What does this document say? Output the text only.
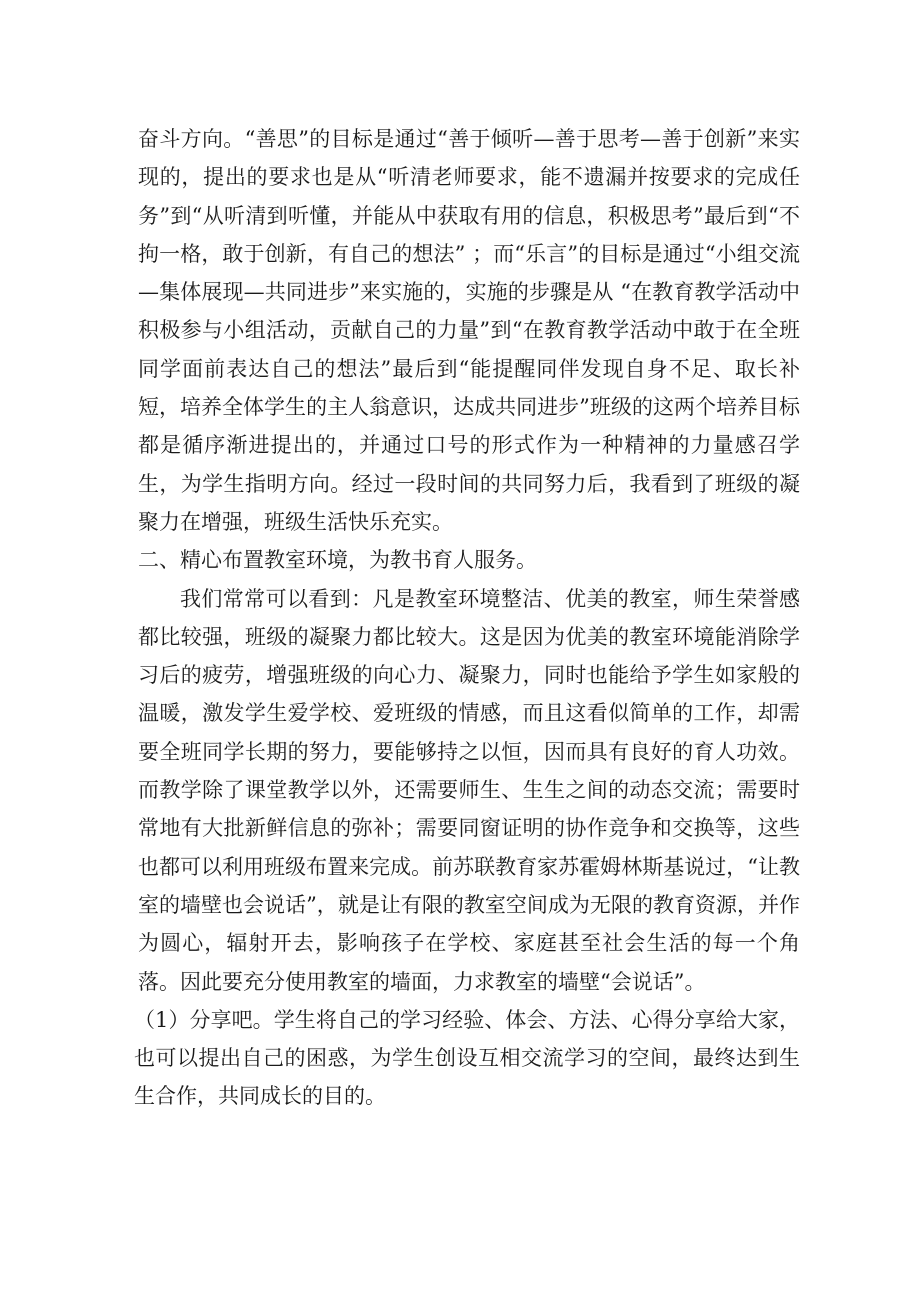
奋斗方向。“善思”的目标是通过“善于倾听—善于思考—善于创新”来实现的，提出的要求也是从“听清老师要求，能不遗漏并按要求的完成任务”到“从听清到听懂，并能从中获取有用的信息，积极思考”最后到“不拘一格，敢于创新，有自己的想法” ；而“乐言”的目标是通过“小组交流—集体展现—共同进步”来实施的，实施的步骤是从 “在教育教学活动中积极参与小组活动，贡献自己的力量”到“在教育教学活动中敢于在全班同学面前表达自己的想法”最后到“能提醒同伴发现自身不足、取长补短，培养全体学生的主人翁意识，达成共同进步”班级的这两个培养目标都是循序渐进提出的，并通过口号的形式作为一种精神的力量感召学生，为学生指明方向。经过一段时间的共同努力后，我看到了班级的凝聚力在增强，班级生活快乐充实。

二、精心布置教室环境，为教书育人服务。

我们常常可以看到：凡是教室环境整洁、优美的教室，师生荣誉感都比较强，班级的凝聚力都比较大。这是因为优美的教室环境能消除学习后的疲劳，增强班级的向心力、凝聚力，同时也能给予学生如家般的温暖，激发学生爱学校、爱班级的情感，而且这看似简单的工作，却需要全班同学长期的努力，要能够持之以恒，因而具有良好的育人功效。而教学除了课堂教学以外，还需要师生、生生之间的动态交流；需要时常地有大批新鲜信息的弥补；需要同窗证明的协作竞争和交换等，这些也都可以利用班级布置来完成。前苏联教育家苏霍姆林斯基说过，“让教室的墙壁也会说话”，就是让有限的教室空间成为无限的教育资源，并作为圆心，辐射开去，影响孩子在学校、家庭甚至社会生活的每一个角落。因此要充分使用教室的墙面，力求教室的墙壁“会说话”。

（1）分享吧。学生将自己的学习经验、体会、方法、心得分享给大家，也可以提出自己的困惑，为学生创设互相交流学习的空间，最终达到生生合作，共同成长的目的。
